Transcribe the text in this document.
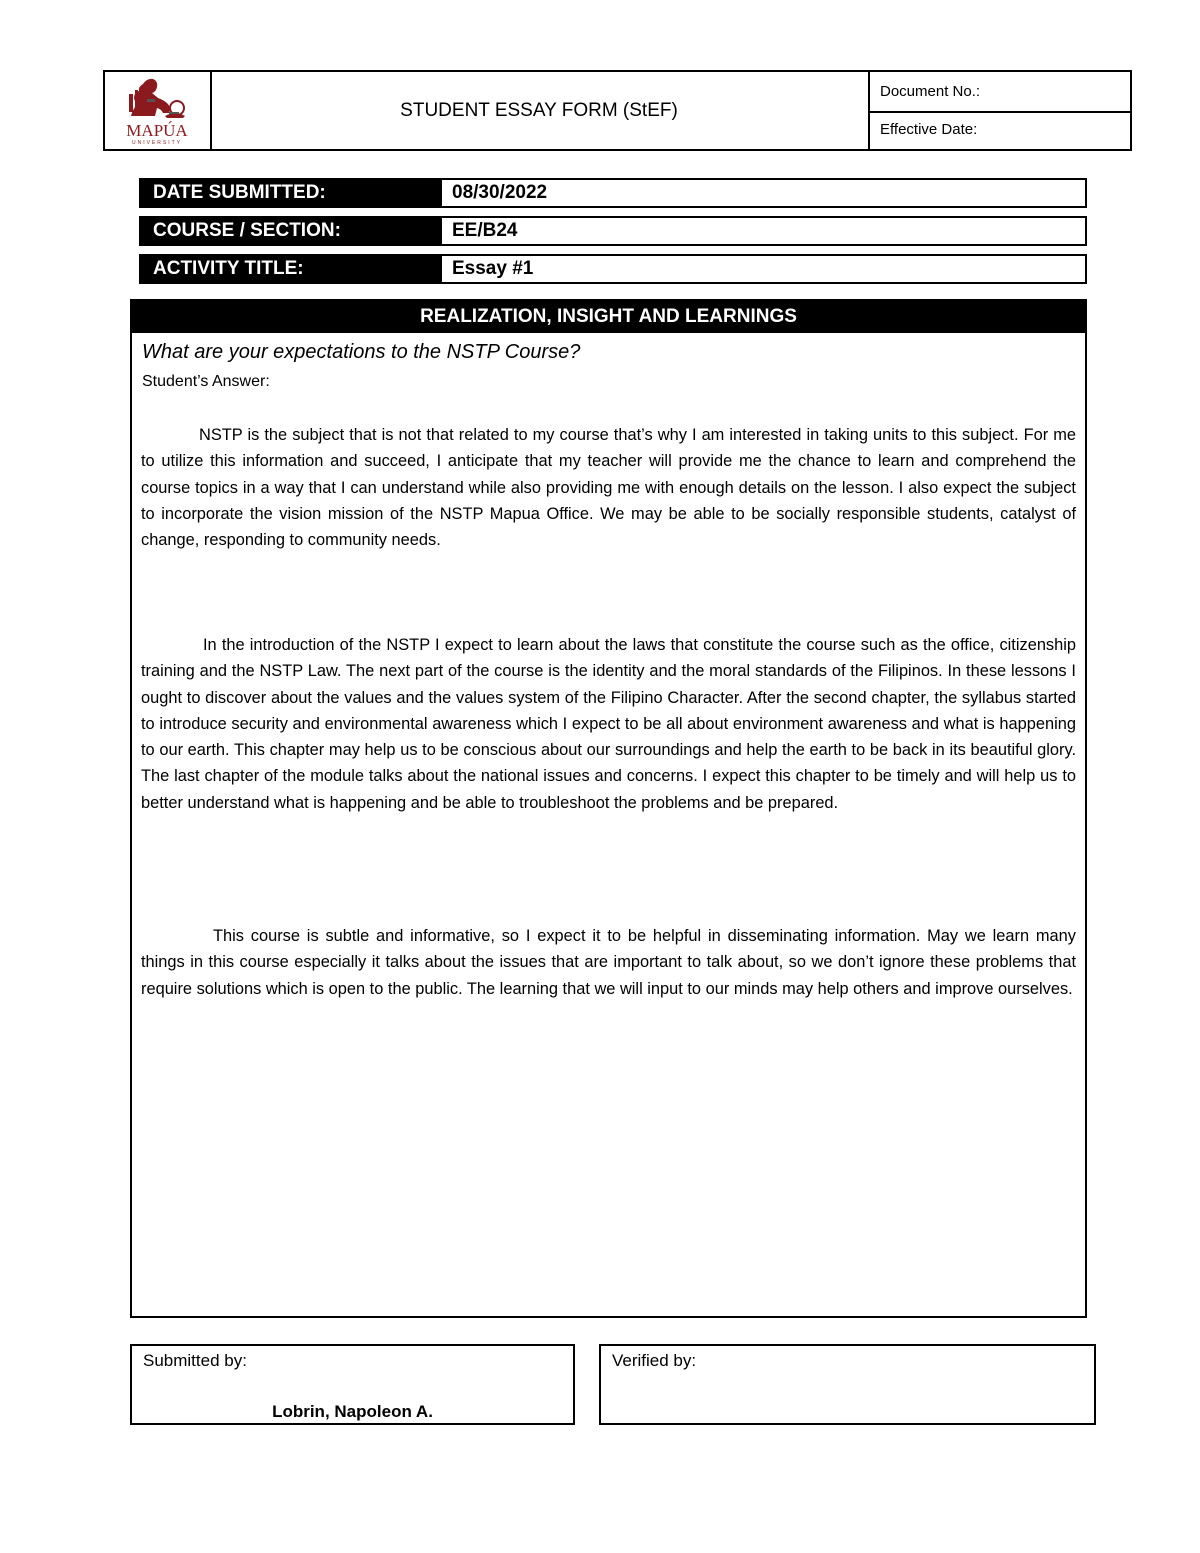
MAPÚA
UNIVERSITY
STUDENT ESSAY FORM (StEF)
Document No.:
Effective Date:
DATE SUBMITTED:	08/30/2022
COURSE / SECTION:	EE/B24
ACTIVITY TITLE:	Essay #1
REALIZATION, INSIGHT AND LEARNINGS
What are your expectations to the NSTP Course?
Student’s Answer:

NSTP is the subject that is not that related to my course that’s why I am interested in taking units to this subject. For me to utilize this information and succeed, I anticipate that my teacher will provide me the chance to learn and comprehend the course topics in a way that I can understand while also providing me with enough details on the lesson. I also expect the subject to incorporate the vision mission of the NSTP Mapua Office. We may be able to be socially responsible students, catalyst of change, responding to community needs.

In the introduction of the NSTP I expect to learn about the laws that constitute the course such as the office, citizenship training and the NSTP Law. The next part of the course is the identity and the moral standards of the Filipinos. In these lessons I ought to discover about the values and the values system of the Filipino Character. After the second chapter, the syllabus started to introduce security and environmental awareness which I expect to be all about environment awareness and what is happening to our earth. This chapter may help us to be conscious about our surroundings and help the earth to be back in its beautiful glory. The last chapter of the module talks about the national issues and concerns. I expect this chapter to be timely and will help us to better understand what is happening and be able to troubleshoot the problems and be prepared.

This course is subtle and informative, so I expect it to be helpful in disseminating information. May we learn many things in this course especially it talks about the issues that are important to talk about, so we don’t ignore these problems that require solutions which is open to the public. The learning that we will input to our minds may help others and improve ourselves.

Submitted by:
Lobrin, Napoleon A.
Verified by:
